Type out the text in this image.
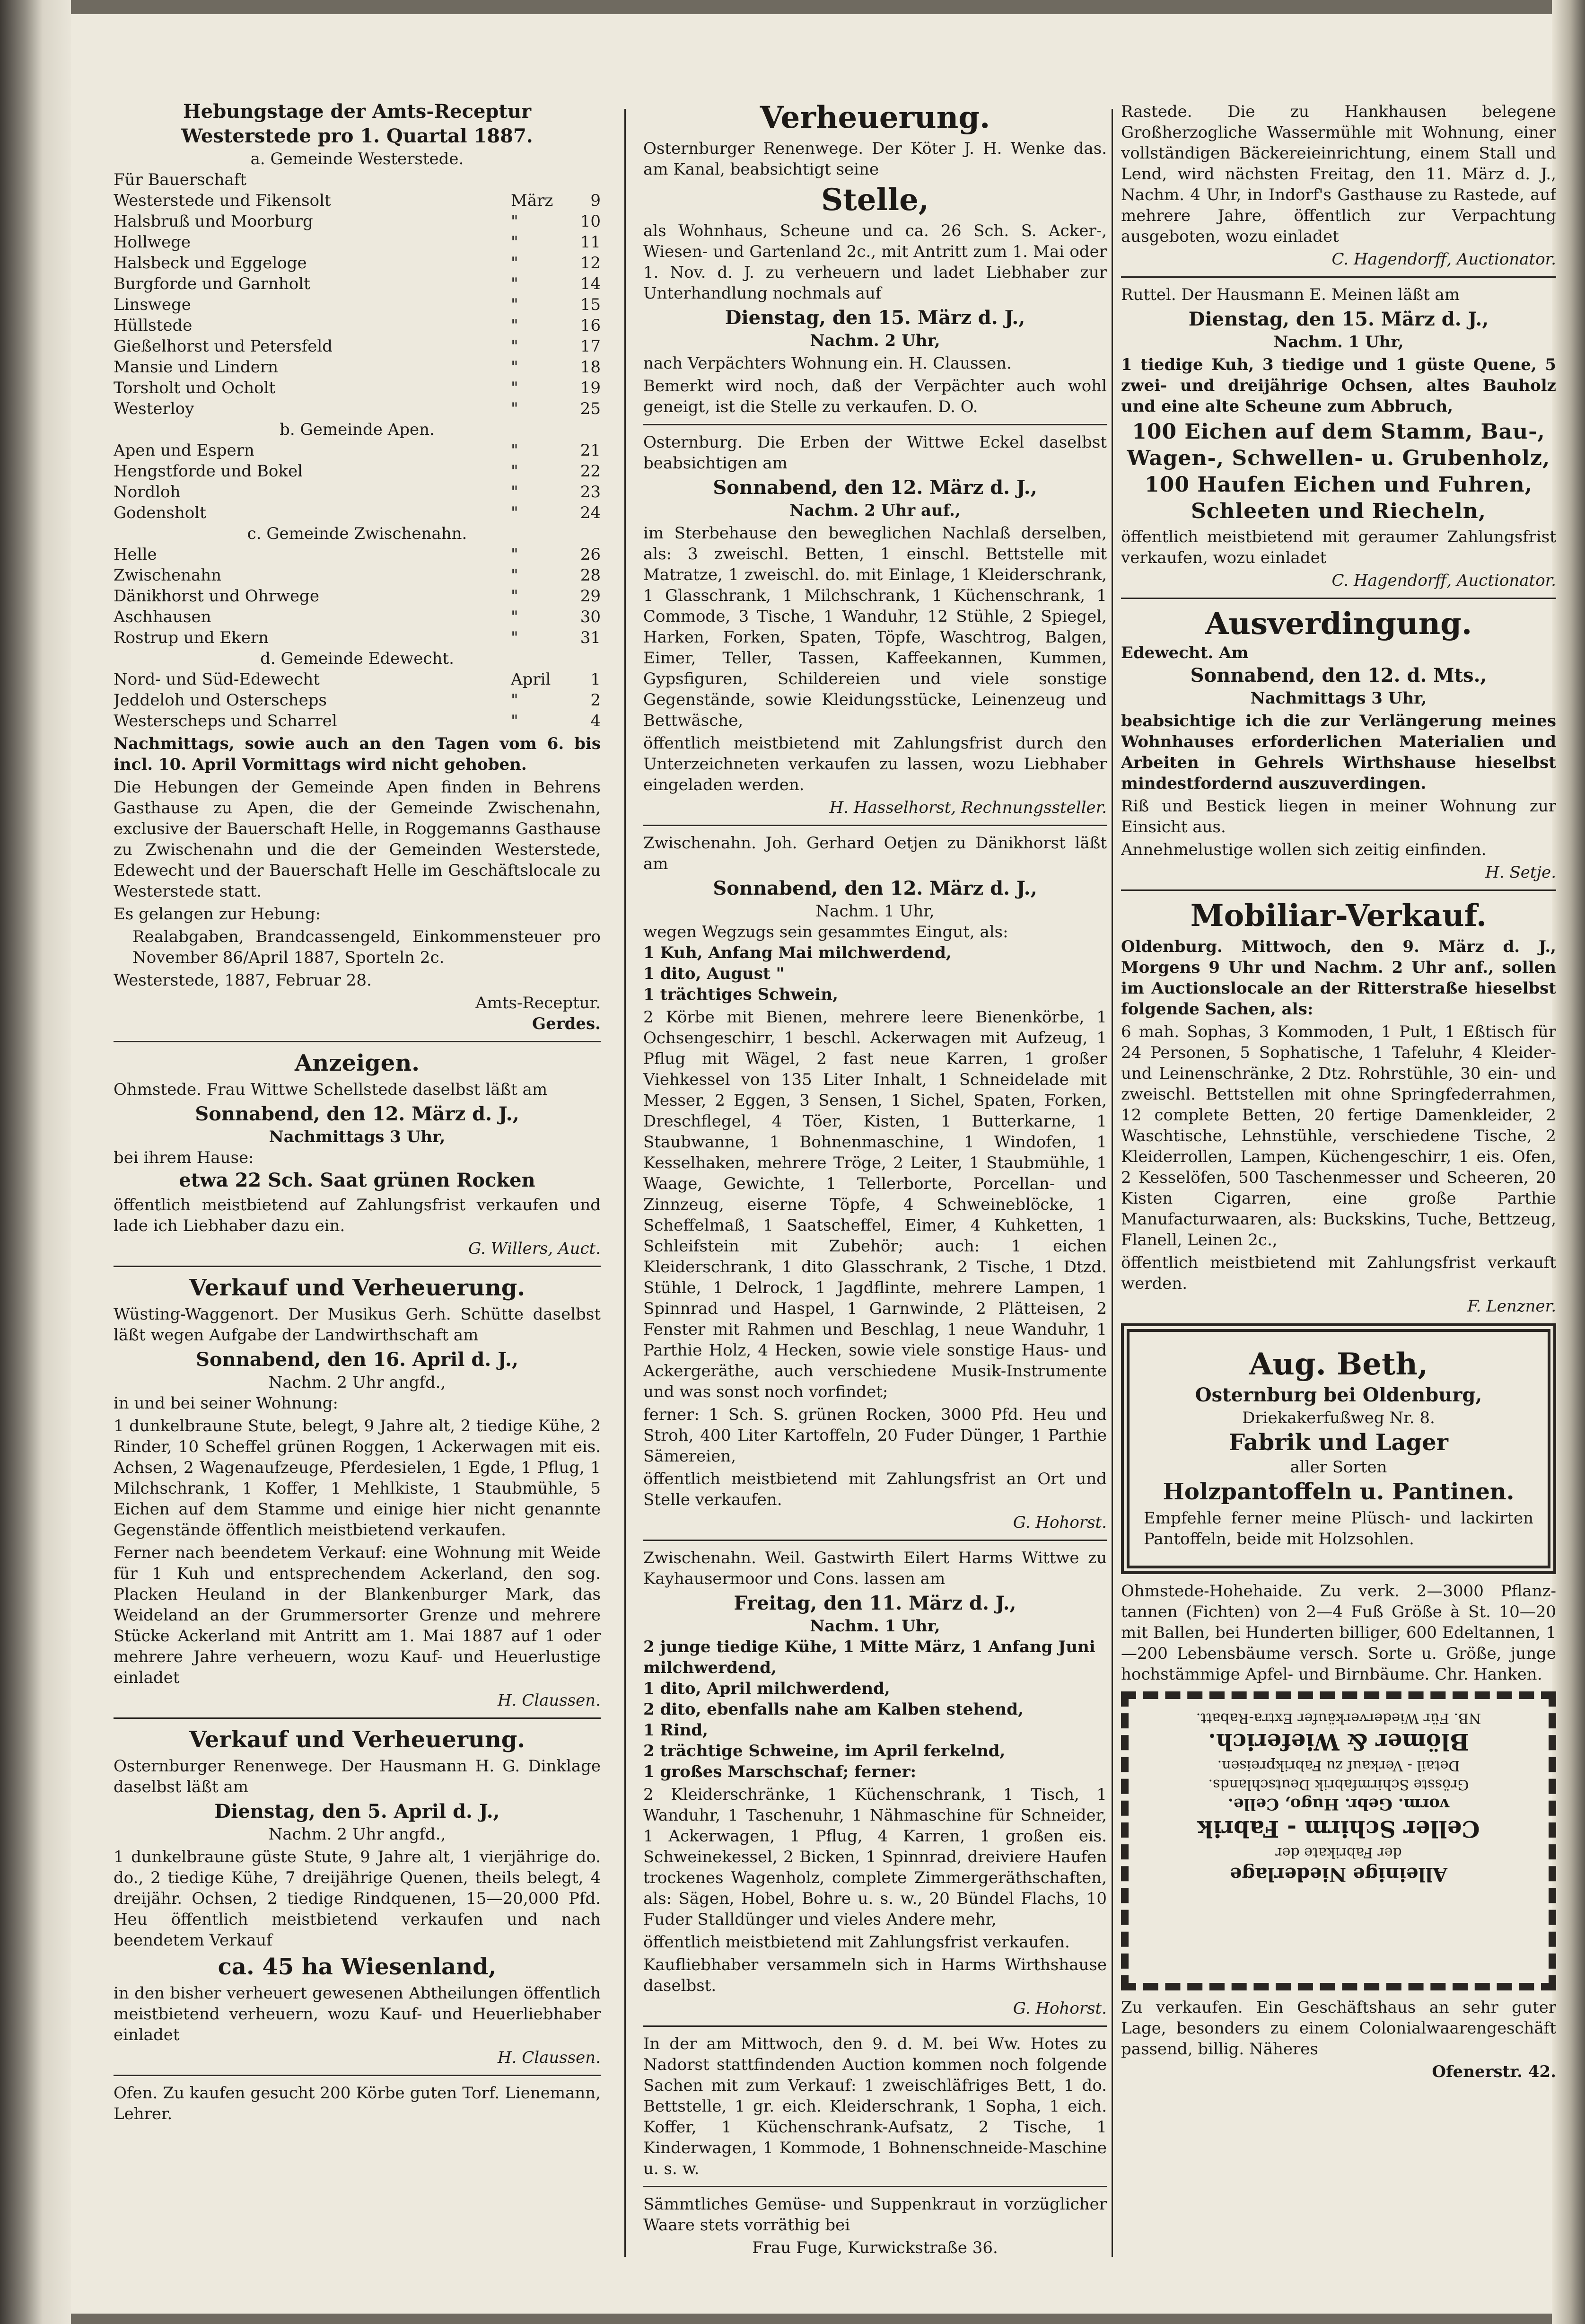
Hebungstage der Amts-Receptur
Westerstede pro 1. Quartal 1887.
a. Gemeinde Westerstede.
Für Bauerschaft
Westerstede und Fikensolt	März	9
Halsbruß und Moorburg	"	10
Hollwege	"	11
Halsbeck und Eggeloge	"	12
Burgforde und Garnholt	"	14
Linswege	"	15
Hüllstede	"	16
Gießelhorst und Petersfeld	"	17
Mansie und Lindern	"	18
Torsholt und Ocholt	"	19
Westerloy	"	25
b. Gemeinde Apen.
Apen und Espern	"	21
Hengstforde und Bokel	"	22
Nordloh	"	23
Godensholt	"	24
c. Gemeinde Zwischenahn.
Helle	"	26
Zwischenahn	"	28
Dänikhorst und Ohrwege	"	29
Aschhausen	"	30
Rostrup und Ekern	"	31
d. Gemeinde Edewecht.
Nord- und Süd-Edewecht	April	1
Jeddeloh und Osterscheps	"	2
Westerscheps und Scharrel	"	4

Nachmittags, sowie auch an den Tagen vom 6. bis incl. 10. April Vormittags wird nicht gehoben.

Die Hebungen der Gemeinde Apen finden in Behrens Gasthause zu Apen, die der Gemeinde Zwischenahn, exclusive der Bauerschaft Helle, in Roggemanns Gasthause zu Zwischenahn und die der Gemeinden Westerstede, Edewecht und der Bauerschaft Helle im Geschäftslocale zu Westerstede statt.

Es gelangen zur Hebung:

Realabgaben, Brandcassengeld, Einkommensteuer pro November 86/April 1887, Sporteln 2c.

Westerstede, 1887, Februar 28.

Amts-Receptur.
Gerdes.
Anzeigen.

Ohmstede. Frau Wittwe Schellstede daselbst läßt am

Sonnabend, den 12. März d. J.,
Nachmittags 3 Uhr,
bei ihrem Hause:
etwa 22 Sch. Saat grünen Rocken

öffentlich meistbietend auf Zahlungsfrist verkaufen und lade ich Liebhaber dazu ein.

G. Willers, Auct.
Verkauf und Verheuerung.

Wüsting-Waggenort. Der Musikus Gerh. Schütte daselbst läßt wegen Aufgabe der Landwirthschaft am

Sonnabend, den 16. April d. J.,
Nachm. 2 Uhr angfd.,
in und bei seiner Wohnung:

1 dunkelbraune Stute, belegt, 9 Jahre alt, 2 tiedige Kühe, 2 Rinder, 10 Scheffel grünen Roggen, 1 Ackerwagen mit eis. Achsen, 2 Wagenaufzeuge, Pferdesielen, 1 Egde, 1 Pflug, 1 Milchschrank, 1 Koffer, 1 Mehlkiste, 1 Staubmühle, 5 Eichen auf dem Stamme und einige hier nicht genannte Gegenstände öffentlich meistbietend verkaufen.

Ferner nach beendetem Verkauf: eine Wohnung mit Weide für 1 Kuh und entsprechendem Ackerland, den sog. Placken Heuland in der Blankenburger Mark, das Weideland an der Grummersorter Grenze und mehrere Stücke Ackerland mit Antritt am 1. Mai 1887 auf 1 oder mehrere Jahre verheuern, wozu Kauf- und Heuerlustige einladet

H. Claussen.
Verkauf und Verheuerung.

Osternburger Renenwege. Der Hausmann H. G. Dinklage daselbst läßt am

Dienstag, den 5. April d. J.,
Nachm. 2 Uhr angfd.,

1 dunkelbraune güste Stute, 9 Jahre alt, 1 vierjährige do. do., 2 tiedige Kühe, 7 dreijährige Quenen, theils belegt, 4 dreijähr. Ochsen, 2 tiedige Rindquenen, 15—20,000 Pfd. Heu öffentlich meistbietend verkaufen und nach beendetem Verkauf

ca. 45 ha Wiesenland,

in den bisher verheuert gewesenen Abtheilungen öffentlich meistbietend verheuern, wozu Kauf- und Heuerliebhaber einladet

H. Claussen.

Ofen. Zu kaufen gesucht 200 Körbe guten Torf. Lienemann, Lehrer.

Verheuerung.

Osternburger Renenwege. Der Köter J. H. Wenke das. am Kanal, beabsichtigt seine

Stelle,

als Wohnhaus, Scheune und ca. 26 Sch. S. Acker-, Wiesen- und Gartenland 2c., mit Antritt zum 1. Mai oder 1. Nov. d. J. zu verheuern und ladet Liebhaber zur Unterhandlung nochmals auf

Dienstag, den 15. März d. J.,
Nachm. 2 Uhr,

nach Verpächters Wohnung ein. H. Claussen.

Bemerkt wird noch, daß der Verpächter auch wohl geneigt, ist die Stelle zu verkaufen. D. O.

Osternburg. Die Erben der Wittwe Eckel daselbst beabsichtigen am

Sonnabend, den 12. März d. J.,
Nachm. 2 Uhr auf.,

im Sterbehause den beweglichen Nachlaß derselben, als: 3 zweischl. Betten, 1 einschl. Bettstelle mit Matratze, 1 zweischl. do. mit Einlage, 1 Kleiderschrank, 1 Glasschrank, 1 Milchschrank, 1 Küchenschrank, 1 Commode, 3 Tische, 1 Wanduhr, 12 Stühle, 2 Spiegel, Harken, Forken, Spaten, Töpfe, Waschtrog, Balgen, Eimer, Teller, Tassen, Kaffeekannen, Kummen, Gypsfiguren, Schildereien und viele sonstige Gegenstände, sowie Kleidungsstücke, Leinenzeug und Bettwäsche,

öffentlich meistbietend mit Zahlungsfrist durch den Unterzeichneten verkaufen zu lassen, wozu Liebhaber eingeladen werden.

H. Hasselhorst, Rechnungssteller.

Zwischenahn. Joh. Gerhard Oetjen zu Dänikhorst läßt am

Sonnabend, den 12. März d. J.,
Nachm. 1 Uhr,
wegen Wegzugs sein gesammtes Eingut, als:
1 Kuh, Anfang Mai milchwerdend,
1 dito, August "
1 trächtiges Schwein,

2 Körbe mit Bienen, mehrere leere Bienenkörbe, 1 Ochsengeschirr, 1 beschl. Ackerwagen mit Aufzeug, 1 Pflug mit Wägel, 2 fast neue Karren, 1 großer Viehkessel von 135 Liter Inhalt, 1 Schneidelade mit Messer, 2 Eggen, 3 Sensen, 1 Sichel, Spaten, Forken, Dreschflegel, 4 Töer, Kisten, 1 Butterkarne, 1 Staubwanne, 1 Bohnenmaschine, 1 Windofen, 1 Kesselhaken, mehrere Tröge, 2 Leiter, 1 Staubmühle, 1 Waage, Gewichte, 1 Tellerborte, Porcellan- und Zinnzeug, eiserne Töpfe, 4 Schweineblöcke, 1 Scheffelmaß, 1 Saatscheffel, Eimer, 4 Kuhketten, 1 Schleifstein mit Zubehör; auch: 1 eichen Kleiderschrank, 1 dito Glasschrank, 2 Tische, 1 Dtzd. Stühle, 1 Delrock, 1 Jagdflinte, mehrere Lampen, 1 Spinnrad und Haspel, 1 Garnwinde, 2 Plätteisen, 2 Fenster mit Rahmen und Beschlag, 1 neue Wanduhr, 1 Parthie Holz, 4 Hecken, sowie viele sonstige Haus- und Ackergeräthe, auch verschiedene Musik-Instrumente und was sonst noch vorfindet;

ferner: 1 Sch. S. grünen Rocken, 3000 Pfd. Heu und Stroh, 400 Liter Kartoffeln, 20 Fuder Dünger, 1 Parthie Sämereien,

öffentlich meistbietend mit Zahlungsfrist an Ort und Stelle verkaufen.

G. Hohorst.

Zwischenahn. Weil. Gastwirth Eilert Harms Wittwe zu Kayhausermoor und Cons. lassen am

Freitag, den 11. März d. J.,
Nachm. 1 Uhr,
2 junge tiedige Kühe, 1 Mitte März, 1 Anfang Juni milchwerdend,
1 dito, April milchwerdend,
2 dito, ebenfalls nahe am Kalben stehend,
1 Rind,
2 trächtige Schweine, im April ferkelnd,
1 großes Marschschaf; ferner:

2 Kleiderschränke, 1 Küchenschrank, 1 Tisch, 1 Wanduhr, 1 Taschenuhr, 1 Nähmaschine für Schneider, 1 Ackerwagen, 1 Pflug, 4 Karren, 1 großen eis. Schweinekessel, 2 Bicken, 1 Spinnrad, dreiviere Haufen trockenes Wagenholz, complete Zimmergeräthschaften, als: Sägen, Hobel, Bohre u. s. w., 20 Bündel Flachs, 10 Fuder Stalldünger und vieles Andere mehr,

öffentlich meistbietend mit Zahlungsfrist verkaufen.

Kaufliebhaber versammeln sich in Harms Wirthshause daselbst.

G. Hohorst.

In der am Mittwoch, den 9. d. M. bei Ww. Hotes zu Nadorst stattfindenden Auction kommen noch folgende Sachen mit zum Verkauf: 1 zweischläfriges Bett, 1 do. Bettstelle, 1 gr. eich. Kleiderschrank, 1 Sopha, 1 eich. Koffer, 1 Küchenschrank-Aufsatz, 2 Tische, 1 Kinderwagen, 1 Kommode, 1 Bohnenschneide-Maschine u. s. w.

Sämmtliches Gemüse- und Suppenkraut in vorzüglicher Waare stets vorräthig bei

Frau Fuge, Kurwickstraße 36.

Rastede. Die zu Hankhausen belegene Großherzogliche Wassermühle mit Wohnung, einer vollständigen Bäckereieinrichtung, einem Stall und Lend, wird nächsten Freitag, den 11. März d. J., Nachm. 4 Uhr, in Indorf's Gasthause zu Rastede, auf mehrere Jahre, öffentlich zur Verpachtung ausgeboten, wozu einladet

C. Hagendorff, Auctionator.

Ruttel. Der Hausmann E. Meinen läßt am

Dienstag, den 15. März d. J.,
Nachm. 1 Uhr,

1 tiedige Kuh, 3 tiedige und 1 güste Quene, 5 zwei- und dreijährige Ochsen, altes Bauholz und eine alte Scheune zum Abbruch,

100 Eichen auf dem Stamm, Bau-, Wagen-, Schwellen- u. Grubenholz,
100 Haufen Eichen und Fuhren, Schleeten und Riecheln,

öffentlich meistbietend mit geraumer Zahlungsfrist verkaufen, wozu einladet

C. Hagendorff, Auctionator.
Ausverdingung.
Edewecht. Am
Sonnabend, den 12. d. Mts.,
Nachmittags 3 Uhr,

beabsichtige ich die zur Verlängerung meines Wohnhauses erforderlichen Materialien und Arbeiten in Gehrels Wirthshause hieselbst mindestfordernd auszuverdingen.

Riß und Bestick liegen in meiner Wohnung zur Einsicht aus.

Annehmelustige wollen sich zeitig einfinden.

H. Setje.
Mobiliar-Verkauf.

Oldenburg. Mittwoch, den 9. März d. J., Morgens 9 Uhr und Nachm. 2 Uhr anf., sollen im Auctionslocale an der Ritterstraße hieselbst folgende Sachen, als:

6 mah. Sophas, 3 Kommoden, 1 Pult, 1 Eßtisch für 24 Personen, 5 Sophatische, 1 Tafeluhr, 4 Kleider- und Leinenschränke, 2 Dtz. Rohrstühle, 30 ein- und zweischl. Bettstellen mit ohne Springfederrahmen, 12 complete Betten, 20 fertige Damenkleider, 2 Waschtische, Lehnstühle, verschiedene Tische, 2 Kleiderrollen, Lampen, Küchengeschirr, 1 eis. Ofen, 2 Kesselöfen, 500 Taschenmesser und Scheeren, 20 Kisten Cigarren, eine große Parthie Manufacturwaaren, als: Buckskins, Tuche, Bettzeug, Flanell, Leinen 2c.,

öffentlich meistbietend mit Zahlungsfrist verkauft werden.

F. Lenzner.
Aug. Beth,
Osternburg bei Oldenburg,
Driekakerfußweg Nr. 8.
Fabrik und Lager
aller Sorten
Holzpantoffeln u. Pantinen.

Empfehle ferner meine Plüsch- und lackirten Pantoffeln, beide mit Holzsohlen.

Ohmstede-Hohehaide. Zu verk. 2—3000 Pflanz-tannen (Fichten) von 2—4 Fuß Größe à St. 10—20 mit Ballen, bei Hunderten billiger, 600 Edeltannen, 1—200 Lebensbäume versch. Sorte u. Größe, junge hochstämmige Apfel- und Birnbäume. Chr. Hanken.

Alleinige Niederlage
der Fabrikate der
Celler Schirm - Fabrik
vorm. Gebr. Hugo, Celle.
Grösste Schirmfabrik Deutschlands.
Detail - Verkauf zu Fabrikpreisen.
Blömer & Wieferich.
NB. Für Wiederverkäufer Extra-Rabatt.

Zu verkaufen. Ein Geschäftshaus an sehr guter Lage, besonders zu einem Colonialwaarengeschäft passend, billig. Näheres

Ofenerstr. 42.
